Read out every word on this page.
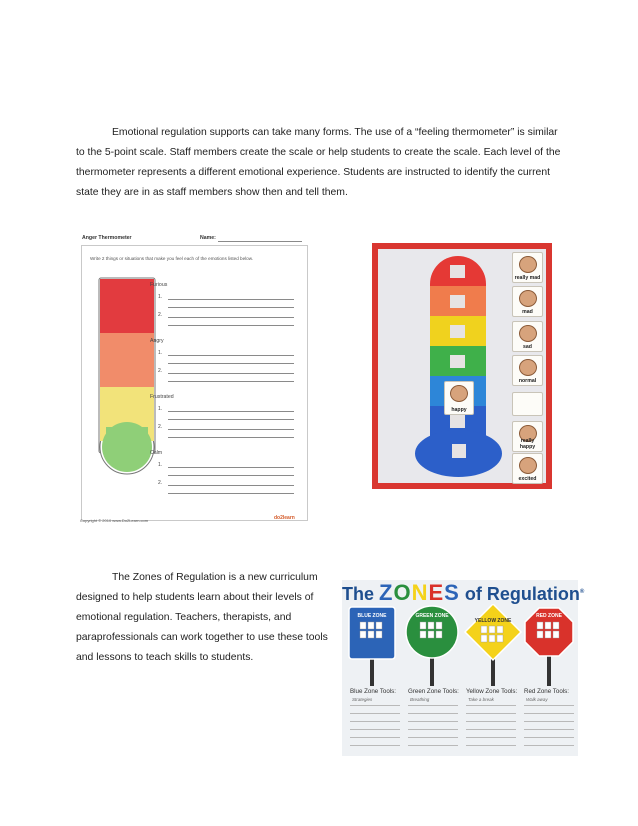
Emotional regulation supports can take many forms. The use of a “feeling thermometer” is similar to the 5-point scale. Staff members create the scale or help students to create the scale. Each level of the thermometer represents a different emotional experience. Students are instructed to identify the current state they are in as staff members show then and tell them.
Anger Thermometer	Name:
Write 2 things or situations that make you feel each of the emotions listed below.
Furious
1.
2.
Angry
1.
2.
Frustrated
1.
2.
Calm
1.
2.
Copyright © 2010 www.Do2Learn.com	do2learn
happy
really mad
mad
sad
normal
really happy
excited
The Zones of Regulation is a new curriculum designed to help students learn about their levels of emotional regulation. Teachers, therapists, and paraprofessionals can work together to use these tools and lessons to teach skills to students.
The ZONES of Regulation®
BLUE ZONE	GREEN ZONE
YELLOW ZONE
RED ZONE
Blue Zone Tools:
Strategies
Green Zone Tools:
Breathing
Yellow Zone Tools:
Take a break
Red Zone Tools:
Walk away
